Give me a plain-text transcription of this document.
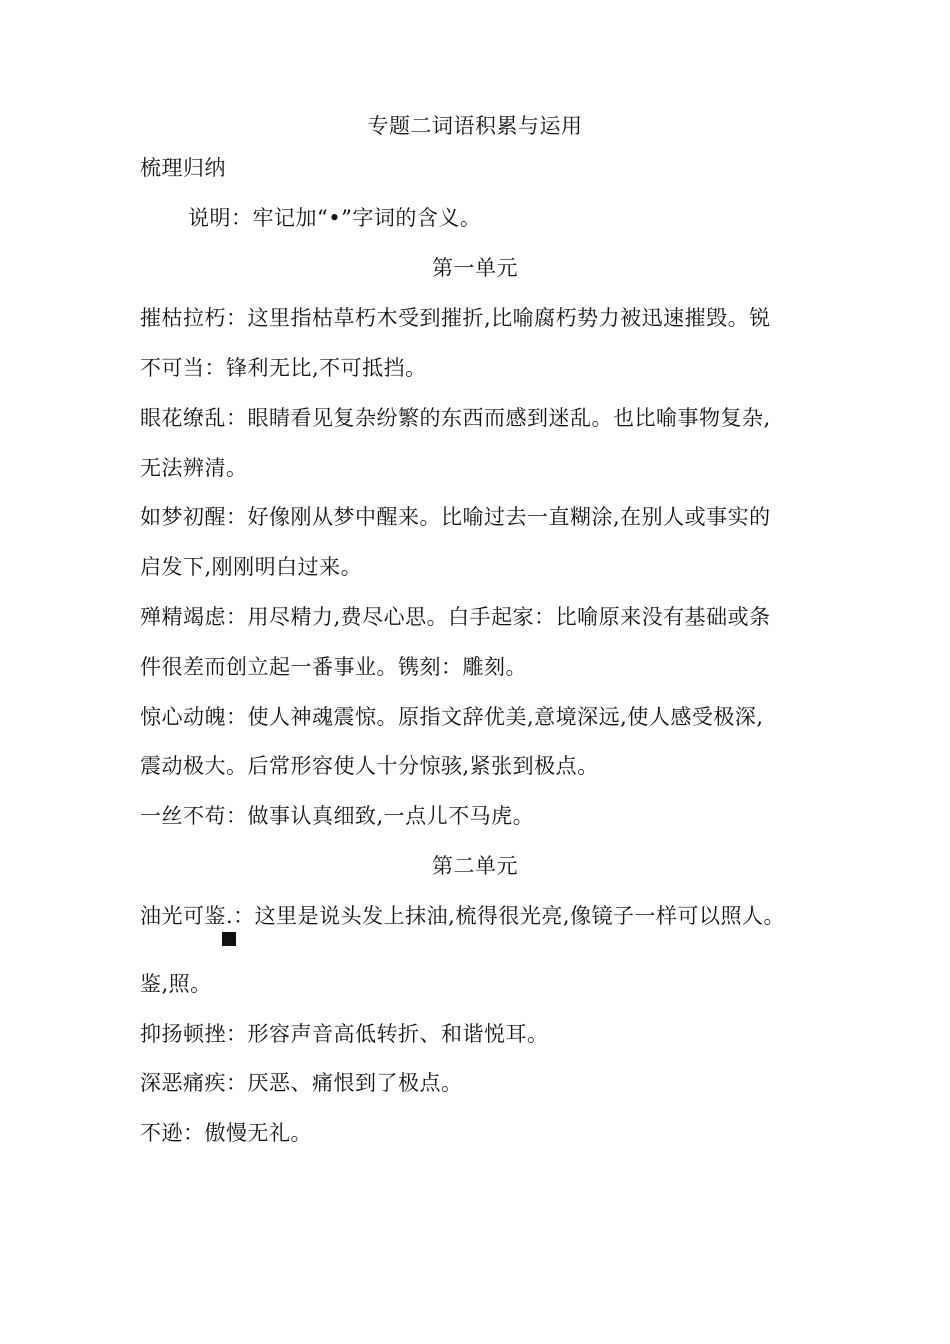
专题二词语积累与运用
梳理归纳
说明：牢记加“•”字词的含义。
第一单元
摧枯拉朽：这里指枯草朽木受到摧折,比喻腐朽势力被迅速摧毁。锐
不可当：锋利无比,不可抵挡。
眼花缭乱：眼睛看见复杂纷繁的东西而感到迷乱。也比喻事物复杂,
无法辨清。
如梦初醒：好像刚从梦中醒来。比喻过去一直糊涂,在别人或事实的
启发下,刚刚明白过来。
殚精竭虑：用尽精力,费尽心思。白手起家：比喻原来没有基础或条
件很差而创立起一番事业。镌刻：雕刻。
惊心动魄：使人神魂震惊。原指文辞优美,意境深远,使人感受极深,
震动极大。后常形容使人十分惊骇,紧张到极点。
一丝不苟：做事认真细致,一点儿不马虎。
第二单元
油光可鉴.：这里是说头发上抹油,梳得很光亮,像镜子一样可以照人。
鉴,照。
抑扬顿挫：形容声音高低转折、和谐悦耳。
深恶痛疾：厌恶、痛恨到了极点。
不逊：傲慢无礼。
